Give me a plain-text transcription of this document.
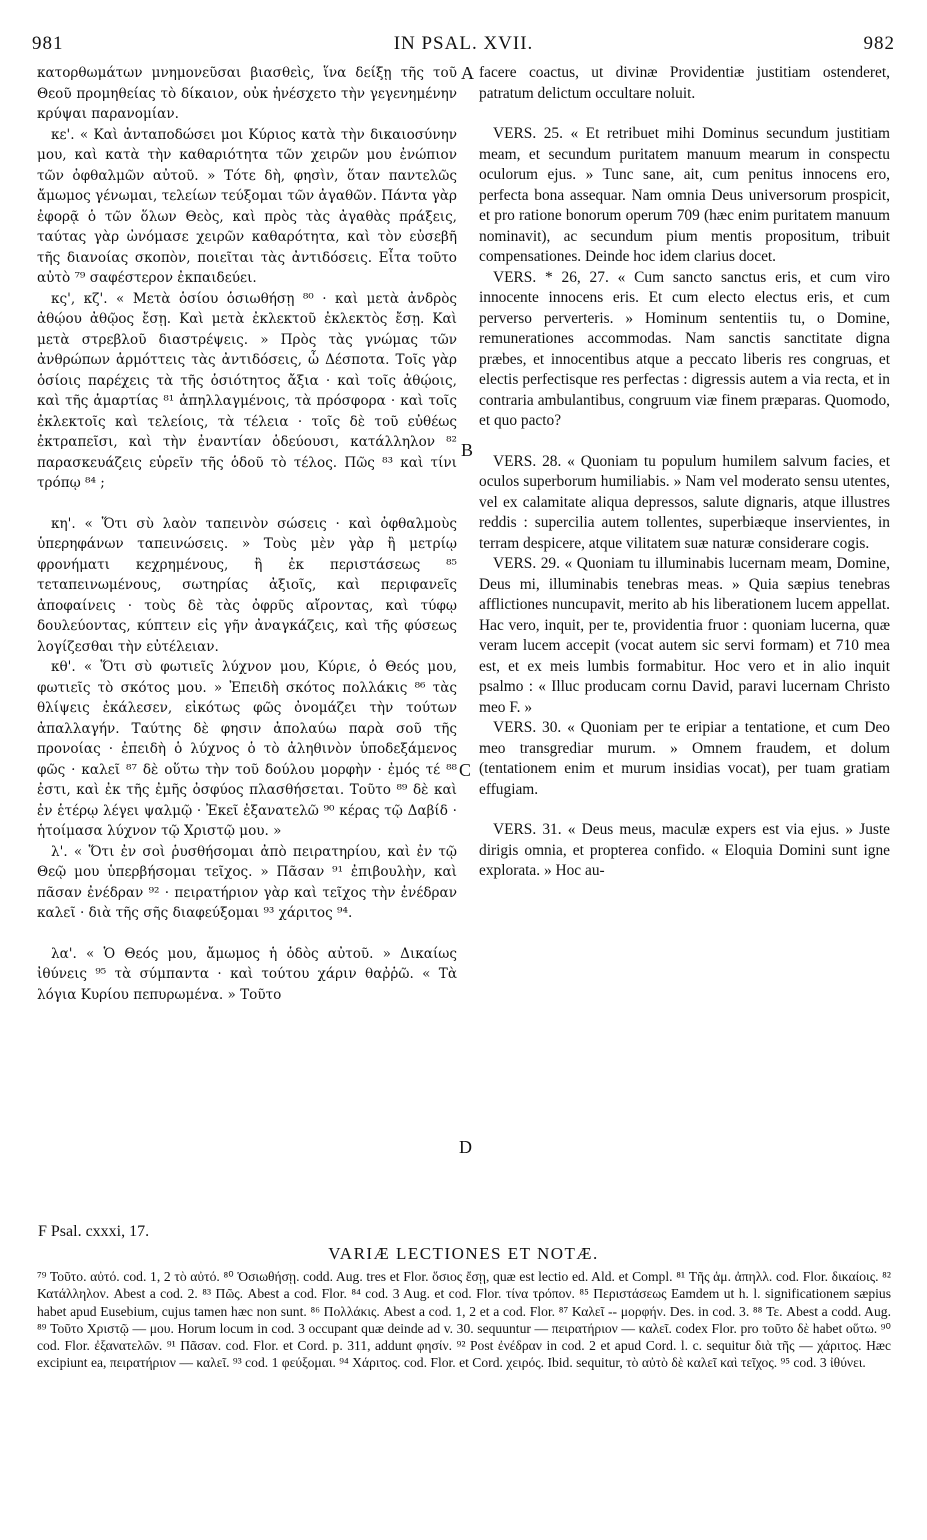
981	IN PSAL. XVII.	982

κατορθωμάτων μνημονεῦσαι βιασθεὶς, ἵνα δείξῃ τῆς τοῦ Θεοῦ προμηθείας τὸ δίκαιον, οὐκ ἠνέσχετο τὴν γεγενημένην κρύψαι παρανομίαν.

κε'. « Καὶ ἀνταποδώσει μοι Κύριος κατὰ τὴν δικαιοσύνην μου, καὶ κατὰ τὴν καθαριότητα τῶν χειρῶν μου ἐνώπιον τῶν ὀφθαλμῶν αὐτοῦ. » Τότε δὴ, φησὶν, ὅταν παντελῶς ἄμωμος γένωμαι, τελείων τεύξομαι τῶν ἀγαθῶν. Πάντα γὰρ ἐφορᾷ ὁ τῶν ὅλων Θεὸς, καὶ πρὸς τὰς ἀγαθὰς πράξεις, ταύτας γὰρ ὠνόμασε χειρῶν καθαρότητα, καὶ τὸν εὐσεβῆ τῆς διανοίας σκοπὸν, ποιεῖται τὰς ἀντιδόσεις. Εἶτα τοῦτο αὐτὸ ⁷⁹ σαφέστερον ἐκπαιδεύει.

κς', κζ'. « Μετὰ ὁσίου ὁσιωθήσῃ ⁸⁰ · καὶ μετὰ ἀνδρὸς ἀθῴου ἀθῷος ἔσῃ. Καὶ μετὰ ἐκλεκτοῦ ἐκλεκτὸς ἔσῃ. Καὶ μετὰ στρεβλοῦ διαστρέψεις. » Πρὸς τὰς γνώμας τῶν ἀνθρώπων ἁρμόττεις τὰς ἀντιδόσεις, ὦ Δέσποτα. Τοῖς γὰρ ὁσίοις παρέχεις τὰ τῆς ὁσιότητος ἄξια · καὶ τοῖς ἀθῴοις, καὶ τῆς ἁμαρτίας ⁸¹ ἀπηλλαγμένοις, τὰ πρόσφορα · καὶ τοῖς ἐκλεκτοῖς καὶ τελείοις, τὰ τέλεια · τοῖς δὲ τοῦ εὐθέως ἐκτραπεῖσι, καὶ τὴν ἐναντίαν ὁδεύουσι, κατάλληλον ⁸² παρασκευάζεις εὑρεῖν τῆς ὁδοῦ τὸ τέλος. Πῶς ⁸³ καὶ τίνι τρόπῳ ⁸⁴ ;

κη'. « Ὅτι σὺ λαὸν ταπεινὸν σώσεις · καὶ ὀφθαλμοὺς ὑπερηφάνων ταπεινώσεις. » Τοὺς μὲν γὰρ ἢ μετρίῳ φρονήματι κεχρημένους, ἢ ἐκ περιστάσεως ⁸⁵ τεταπεινωμένους, σωτηρίας ἀξιοῖς, καὶ περιφανεῖς ἀποφαίνεις · τοὺς δὲ τὰς ὀφρῦς αἴροντας, καὶ τύφῳ δουλεύοντας, κύπτειν εἰς γῆν ἀναγκάζεις, καὶ τῆς φύσεως λογίζεσθαι τὴν εὐτέλειαν.

κθ'. « Ὅτι σὺ φωτιεῖς λύχνον μου, Κύριε, ὁ Θεός μου, φωτιεῖς τὸ σκότος μου. » Ἐπειδὴ σκότος πολλάκις ⁸⁶ τὰς θλίψεις ἐκάλεσεν, εἰκότως φῶς ὀνομάζει τὴν τούτων ἀπαλλαγήν. Ταύτης δὲ φησιν ἀπολαύω παρὰ σοῦ τῆς προνοίας · ἐπειδὴ ὁ λύχνος ὁ τὸ ἀληθινὸν ὑποδεξάμενος φῶς · καλεῖ ⁸⁷ δὲ οὕτω τὴν τοῦ δούλου μορφὴν · ἐμός τέ ⁸⁸ ἐστι, καὶ ἐκ τῆς ἐμῆς ὀσφύος πλασθήσεται. Τοῦτο ⁸⁹ δὲ καὶ ἐν ἑτέρῳ λέγει ψαλμῷ · Ἐκεῖ ἐξανατελῶ ⁹⁰ κέρας τῷ Δαβίδ · ἡτοίμασα λύχνον τῷ Χριστῷ μου. »

λ'. « Ὅτι ἐν σοὶ ῥυσθήσομαι ἀπὸ πειρατηρίου, καὶ ἐν τῷ Θεῷ μου ὑπερβήσομαι τεῖχος. » Πᾶσαν ⁹¹ ἐπιβουλὴν, καὶ πᾶσαν ἐνέδραν ⁹² · πειρατήριον γὰρ καὶ τεῖχος τὴν ἐνέδραν καλεῖ · διὰ τῆς σῆς διαφεύξομαι ⁹³ χάριτος ⁹⁴.

λα'. « Ὁ Θεός μου, ἄμωμος ἡ ὁδὸς αὐτοῦ. » Δικαίως ἰθύνεις ⁹⁵ τὰ σύμπαντα · καὶ τούτου χάριν θαῤῥῶ. « Τὰ λόγια Κυρίου πεπυρωμένα. » Τοῦτο

A
B
C
D

facere coactus, ut divinæ Providentiæ justitiam ostenderet, patratum delictum occultare noluit.

VERS. 25. « Et retribuet mihi Dominus secundum justitiam meam, et secundum puritatem manuum mearum in conspectu oculorum ejus. » Tunc sane, ait, cum penitus innocens ero, perfecta bona assequar. Nam omnia Deus universorum prospicit, et pro ratione bonorum operum 709 (hæc enim puritatem manuum nominavit), ac secundum pium mentis propositum, tribuit compensationes. Deinde hoc idem clarius docet.

VERS. * 26, 27. « Cum sancto sanctus eris, et cum viro innocente innocens eris. Et cum electo electus eris, et cum perverso perverteris. » Hominum sententiis tu, o Domine, remunerationes accommodas. Nam sanctis sanctitate digna præbes, et innocentibus atque a peccato liberis res congruas, et electis perfectisque res perfectas : digressis autem a via recta, et in contraria ambulantibus, congruum viæ finem præparas. Quomodo, et quo pacto?

VERS. 28. « Quoniam tu populum humilem salvum facies, et oculos superborum humiliabis. » Nam vel moderato sensu utentes, vel ex calamitate aliqua depressos, salute dignaris, atque illustres reddis : supercilia autem tollentes, superbiæque inservientes, in terram despicere, atque vilitatem suæ naturæ considerare cogis.

VERS. 29. « Quoniam tu illuminabis lucernam meam, Domine, Deus mi, illuminabis tenebras meas. » Quia sæpius tenebras afflictiones nuncupavit, merito ab his liberationem lucem appellat. Hac vero, inquit, per te, providentia fruor : quoniam lucerna, quæ veram lucem accepit (vocat autem sic servi formam) et 710 mea est, et ex meis lumbis formabitur. Hoc vero et in alio inquit psalmo : « Illuc producam cornu David, paravi lucernam Christo meo F. »

VERS. 30. « Quoniam per te eripiar a tentatione, et cum Deo meo transgrediar murum. » Omnem fraudem, et dolum (tentationem enim et murum insidias vocat), per tuam gratiam effugiam.

VERS. 31. « Deus meus, maculæ expers est via ejus. » Juste dirigis omnia, et propterea confido. « Eloquia Domini sunt igne explorata. » Hoc au-

F Psal. cxxxi, 17.
VARIÆ LECTIONES ET NOTÆ.

⁷⁹ Τοῦτο. αὐτό. cod. 1, 2 τὸ αὐτό. ⁸⁰ Ὁσιωθήσῃ. codd. Aug. tres et Flor. ὅσιος ἔσῃ, quæ est lectio ed. Ald. et Compl. ⁸¹ Τῆς ἁμ. ἀπηλλ. cod. Flor. δικαίοις. ⁸² Κατάλληλον. Abest a cod. 2. ⁸³ Πῶς. Abest a cod. Flor. ⁸⁴ cod. 3 Aug. et cod. Flor. τίνα τρόπον. ⁸⁵ Περιστάσεως Eamdem ut h. l. significationem sæpius habet apud Eusebium, cujus tamen hæc non sunt. ⁸⁶ Πολλάκις. Abest a cod. 1, 2 et a cod. Flor. ⁸⁷ Καλεῖ -- μορφήν. Des. in cod. 3. ⁸⁸ Τε. Abest a codd. Aug. ⁸⁹ Τοῦτο Χριστῷ — μου. Horum locum in cod. 3 occupant quæ deinde ad v. 30. sequuntur — πειρατήριον — καλεῖ. codex Flor. pro τοῦτο δὲ habet οὕτω. ⁹⁰ cod. Flor. ἐξανατελῶν. ⁹¹ Πᾶσαν. cod. Flor. et Cord. p. 311, addunt φησίν. ⁹² Post ἐνέδραν in cod. 2 et apud Cord. l. c. sequitur διὰ τῆς — χάριτος. Hæc excipiunt ea, πειρατήριον — καλεῖ. ⁹³ cod. 1 φεύξομαι. ⁹⁴ Χάριτος. cod. Flor. et Cord. χειρός. Ibid. sequitur, τὸ αὐτὸ δὲ καλεῖ καὶ τεῖχος. ⁹⁵ cod. 3 ἰθύνει.
